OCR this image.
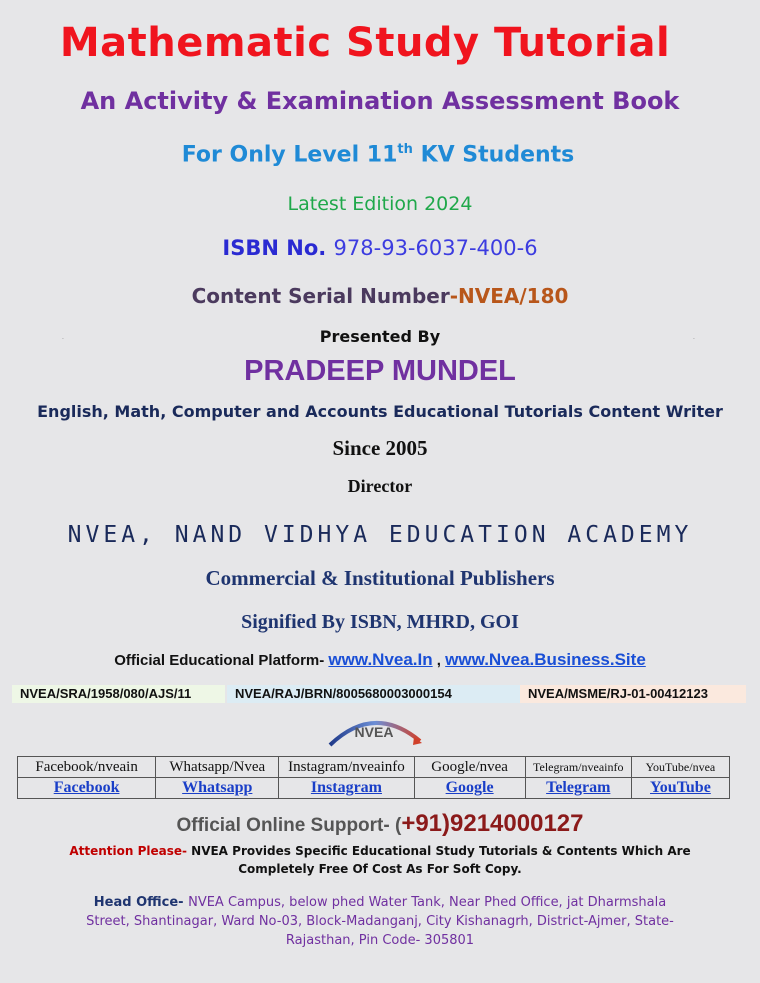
Mathematic Study Tutorial
An Activity & Examination Assessment Book
For Only Level 11th KV Students
Latest Edition 2024
ISBN No. 978-93-6037-400-6
Content Serial Number-NVEA/180
.	.
Presented By
PRADEEP MUNDEL
English, Math, Computer and Accounts Educational Tutorials Content Writer
Since 2005
Director
NVEA, NAND VIDHYA EDUCATION ACADEMY
Commercial & Institutional Publishers
Signified By ISBN, MHRD, GOI
Official Educational Platform- www.Nvea.In , www.Nvea.Business.Site
NVEA/SRA/1958/080/AJS/11	NVEA/RAJ/BRN/8005680003000154	NVEA/MSME/RJ-01-00412123
NVEA
Facebook/nveain	Whatsapp/Nvea	Instagram/nveainfo	Google/nvea	Telegram/nveainfo	YouTube/nvea
Facebook	Whatsapp	Instagram	Google	Telegram	YouTube
Official Online Support- (+91)9214000127
Attention Please- NVEA Provides Specific Educational Study Tutorials & Contents Which Are Completely Free Of Cost As For Soft Copy.
Head Office- NVEA Campus, below phed Water Tank, Near Phed Office, jat Dharmshala Street, Shantinagar, Ward No-03, Block-Madanganj, City Kishanagrh, District-Ajmer, State-Rajasthan, Pin Code- 305801
